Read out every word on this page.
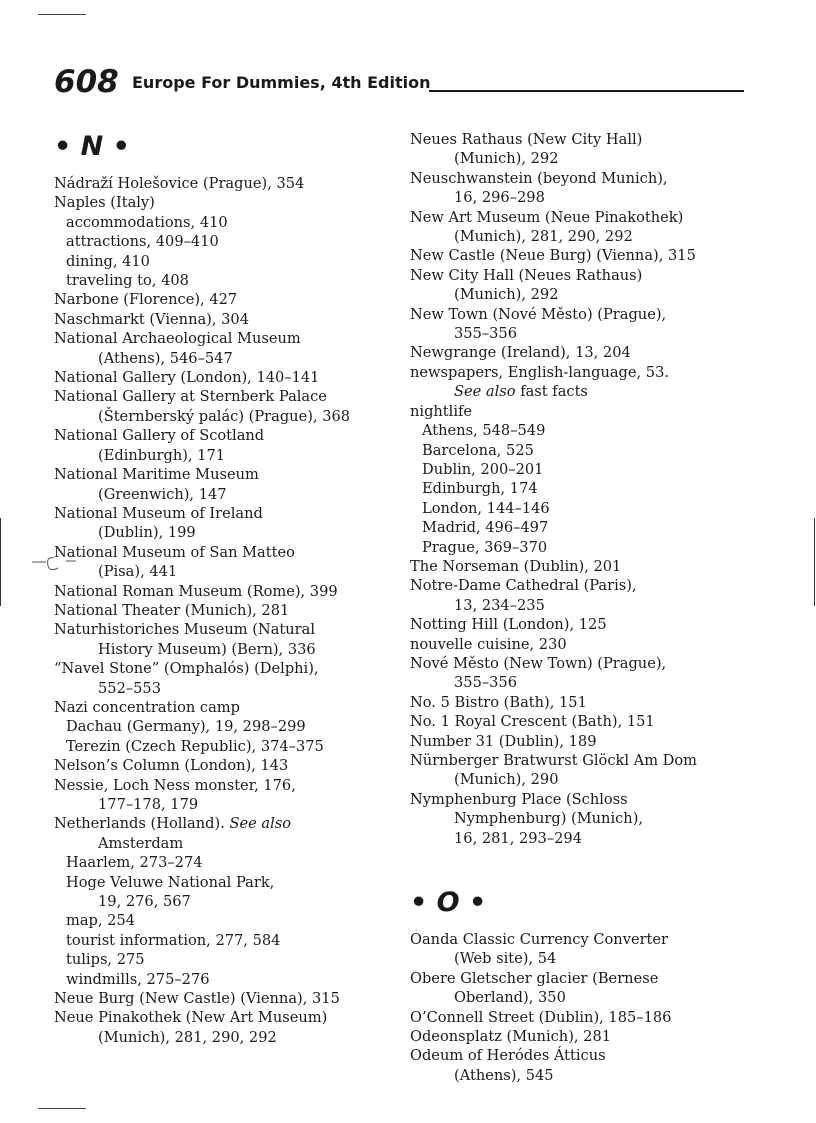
608 Europe For Dummies, 4th Edition
• N •
Nádraží Holešovice (Prague), 354
Naples (Italy)
accommodations, 410
attractions, 409–410
dining, 410
traveling to, 408
Narbone (Florence), 427
Naschmarkt (Vienna), 304
National Archaeological Museum
(Athens), 546–547
National Gallery (London), 140–141
National Gallery at Sternberk Palace
(Šternberský palác) (Prague), 368
National Gallery of Scotland
(Edinburgh), 171
National Maritime Museum
(Greenwich), 147
National Museum of Ireland
(Dublin), 199
National Museum of San Matteo
(Pisa), 441
National Roman Museum (Rome), 399
National Theater (Munich), 281
Naturhistoriches Museum (Natural
History Museum) (Bern), 336
“Navel Stone” (Omphalós) (Delphi),
552–553
Nazi concentration camp
Dachau (Germany), 19, 298–299
Terezin (Czech Republic), 374–375
Nelson’s Column (London), 143
Nessie, Loch Ness monster, 176,
177–178, 179
Netherlands (Holland). See also
Amsterdam
Haarlem, 273–274
Hoge Veluwe National Park,
19, 276, 567
map, 254
tourist information, 277, 584
tulips, 275
windmills, 275–276
Neue Burg (New Castle) (Vienna), 315
Neue Pinakothek (New Art Museum)
(Munich), 281, 290, 292
Neues Rathaus (New City Hall)
(Munich), 292
Neuschwanstein (beyond Munich),
16, 296–298
New Art Museum (Neue Pinakothek)
(Munich), 281, 290, 292
New Castle (Neue Burg) (Vienna), 315
New City Hall (Neues Rathaus)
(Munich), 292
New Town (Nové Město) (Prague),
355–356
Newgrange (Ireland), 13, 204
newspapers, English-language, 53.
See also fast facts
nightlife
Athens, 548–549
Barcelona, 525
Dublin, 200–201
Edinburgh, 174
London, 144–146
Madrid, 496–497
Prague, 369–370
The Norseman (Dublin), 201
Notre-Dame Cathedral (Paris),
13, 234–235
Notting Hill (London), 125
nouvelle cuisine, 230
Nové Město (New Town) (Prague),
355–356
No. 5 Bistro (Bath), 151
No. 1 Royal Crescent (Bath), 151
Number 31 (Dublin), 189
Nürnberger Bratwurst Glöckl Am Dom
(Munich), 290
Nymphenburg Place (Schloss
Nymphenburg) (Munich),
16, 281, 293–294
• O •
Oanda Classic Currency Converter
(Web site), 54
Obere Gletscher glacier (Bernese
Oberland), 350
O’Connell Street (Dublin), 185–186
Odeonsplatz (Munich), 281
Odeum of Heródes Átticus
(Athens), 545
